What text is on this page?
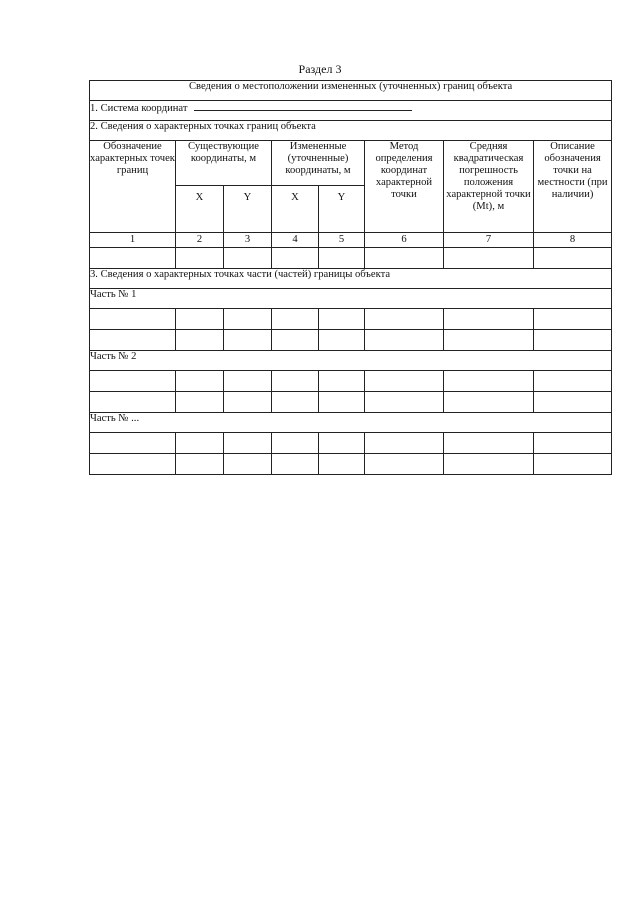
Раздел 3
Сведения о местоположении измененных (уточненных) границ объекта							
1. Система координат							
2. Сведения о характерных точках границ объекта							
Обозначение характерных точек границ	Существующие координаты, м		Измененные (уточненные) координаты, м		Метод определения координат характерной точки	Средняя квадратическая погрешность положения характерной точки (Mt), м	Описание обозначения точки на местности (при наличии)
	X	Y	X	Y			
1	2	3	4	5	6	7	8

3. Сведения о характерных точках части (частей) границы объекта							
Часть № 1							

Часть № 2							

Часть № ...							
